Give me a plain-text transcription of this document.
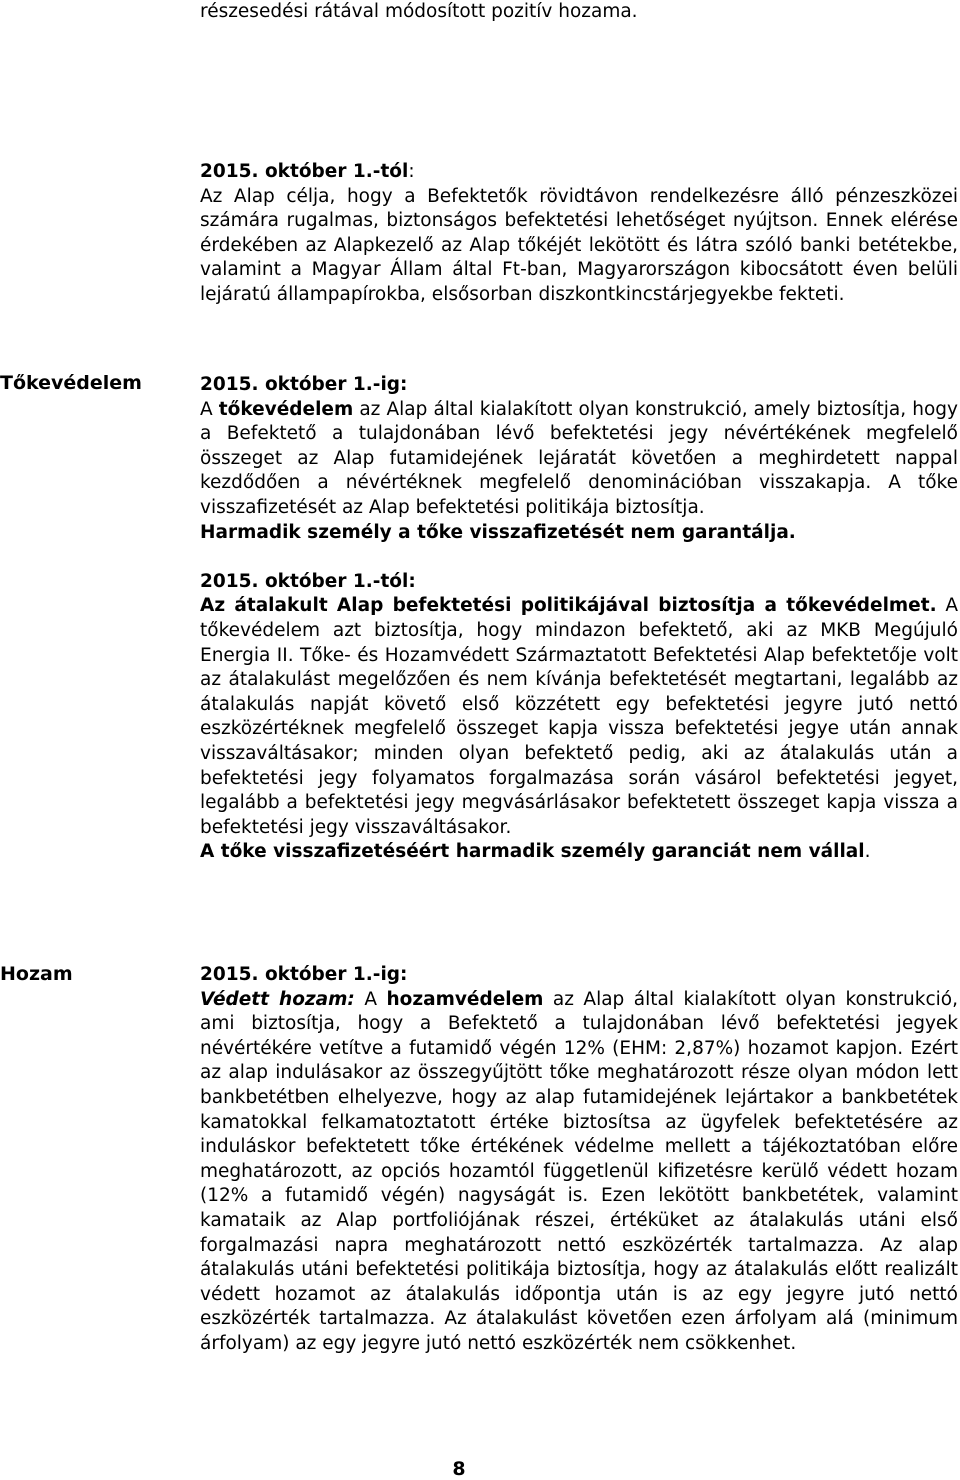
részesedési rátával módosított pozitív hozama.

2015. október 1.-tól:

Az Alap célja, hogy a Befektetők rövidtávon rendelkezésre álló pénzeszközei számára rugalmas, biztonságos befektetési lehetőséget nyújtson. Ennek elérése érdekében az Alapkezelő az Alap tőkéjét lekötött és látra szóló banki betétekbe, valamint a Magyar Állam által Ft-ban, Magyarországon kibocsátott éven belüli lejáratú állampapírokba, elsősorban diszkontkincstárjegyekbe fekteti.

Tőkevédelem	2015. október 1.-ig:

A tőkevédelem az Alap által kialakított olyan konstrukció, amely biztosítja, hogy a Befektető a tulajdonában lévő befektetési jegy névértékének megfelelő összeget az Alap futamidejének lejáratát követően a meghirdetett nappal kezdődően a névértéknek megfelelő denominációban visszakapja. A tőke visszafizetését az Alap befektetési politikája biztosítja.

Harmadik személy a tőke visszafizetését nem garantálja.

2015. október 1.-tól:

Az átalakult Alap befektetési politikájával biztosítja a tőkevédelmet. A tőkevédelem azt biztosítja, hogy mindazon befektető, aki az MKB Megújuló Energia II. Tőke- és Hozamvédett Származtatott Befektetési Alap befektetője volt az átalakulást megelőzően és nem kívánja befektetését megtartani, legalább az átalakulás napját követő első közzétett egy befektetési jegyre jutó nettó eszközértéknek megfelelő összeget kapja vissza befektetési jegye után annak visszaváltásakor; minden olyan befektető pedig, aki az átalakulás után a befektetési jegy folyamatos forgalmazása során vásárol befektetési jegyet, legalább a befektetési jegy megvásárlásakor befektetett összeget kapja vissza a befektetési jegy visszaváltásakor.

A tőke visszafizetéséért harmadik személy garanciát nem vállal.

Hozam	2015. október 1.-ig:

Védett hozam: A hozamvédelem az Alap által kialakított olyan konstrukció, ami biztosítja, hogy a Befektető a tulajdonában lévő befektetési jegyek névértékére vetítve a futamidő végén 12% (EHM: 2,87%) hozamot kapjon. Ezért az alap indulásakor az összegyűjtött tőke meghatározott része olyan módon lett bankbetétben elhelyezve, hogy az alap futamidejének lejártakor a bankbetétek kamatokkal felkamatoztatott értéke biztosítsa az ügyfelek befektetésére az induláskor befektetett tőke értékének védelme mellett a tájékoztatóban előre meghatározott, az opciós hozamtól függetlenül kifizetésre kerülő védett hozam (12% a futamidő végén) nagyságát is. Ezen lekötött bankbetétek, valamint kamataik az Alap portfoliójának részei, értéküket az átalakulás utáni első forgalmazási napra meghatározott nettó eszközérték tartalmazza. Az alap átalakulás utáni befektetési politikája biztosítja, hogy az átalakulás előtt realizált védett hozamot az átalakulás időpontja után is az egy jegyre jutó nettó eszközérték tartalmazza. Az átalakulást követően ezen árfolyam alá (minimum árfolyam) az egy jegyre jutó nettó eszközérték nem csökkenhet.

8
